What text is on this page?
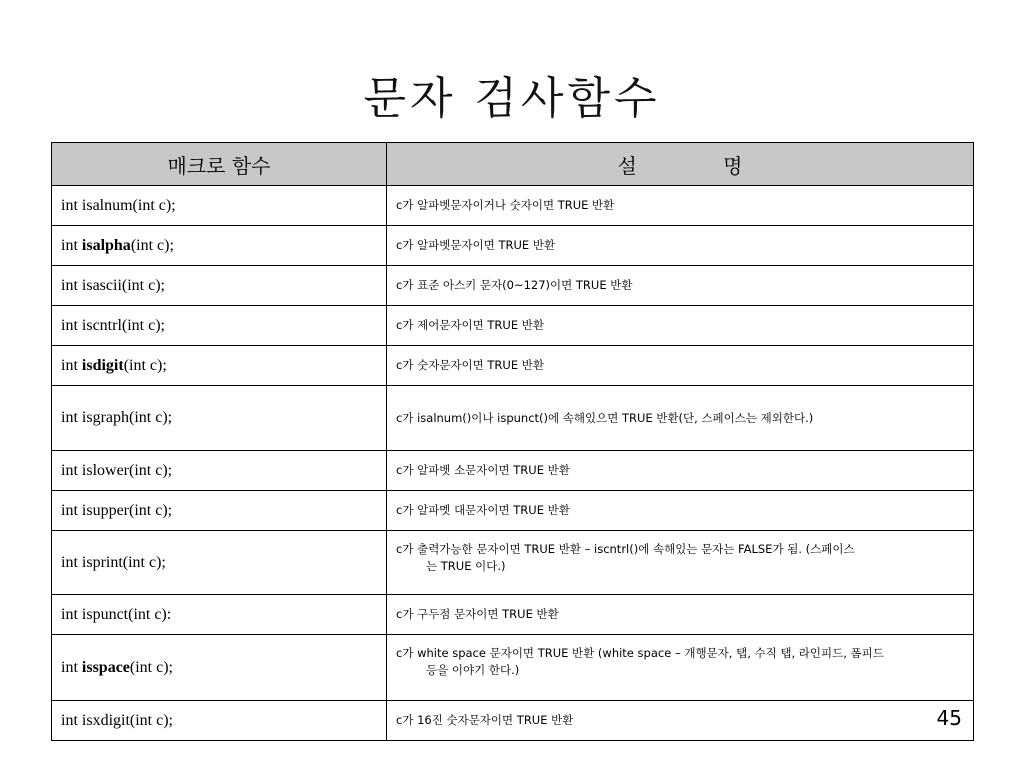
문자 검사함수
매크로 함수	설 명
int isalnum(int c);	c가 알파벳문자이거나 숫자이면 TRUE 반환

int isalpha(int c);	c가 알파벳문자이면 TRUE 반환

int isascii(int c);	c가 표준 아스키 문자(0~127)이면 TRUE 반환

int iscntrl(int c);	c가 제어문자이면 TRUE 반환

int isdigit(int c);	c가 숫자문자이면 TRUE 반환

int isgraph(int c);	c가 isalnum()이나 ispunct()에 속해있으면 TRUE 반환(단, 스페이스는 제외한다.)

int islower(int c);	c가 알파벳 소문자이면 TRUE 반환

int isupper(int c);	c가 알파멧 대문자이면 TRUE 반환

int isprint(int c);	c가 출력가능한 문자이면 TRUE 반환 – iscntrl()에 속해있는 문자는 FALSE가 됨. (스페이스
는 TRUE 이다.)

int ispunct(int c):	c가 구두점 문자이면 TRUE 반환

int isspace(int c);	c가 white space 문자이면 TRUE 반환 (white space – 개행문자, 탭, 수직 탭, 라인피드, 폼피드
등을 이야기 한다.)

int isxdigit(int c);	c가 16진 숫자문자이면 TRUE 반환	45
